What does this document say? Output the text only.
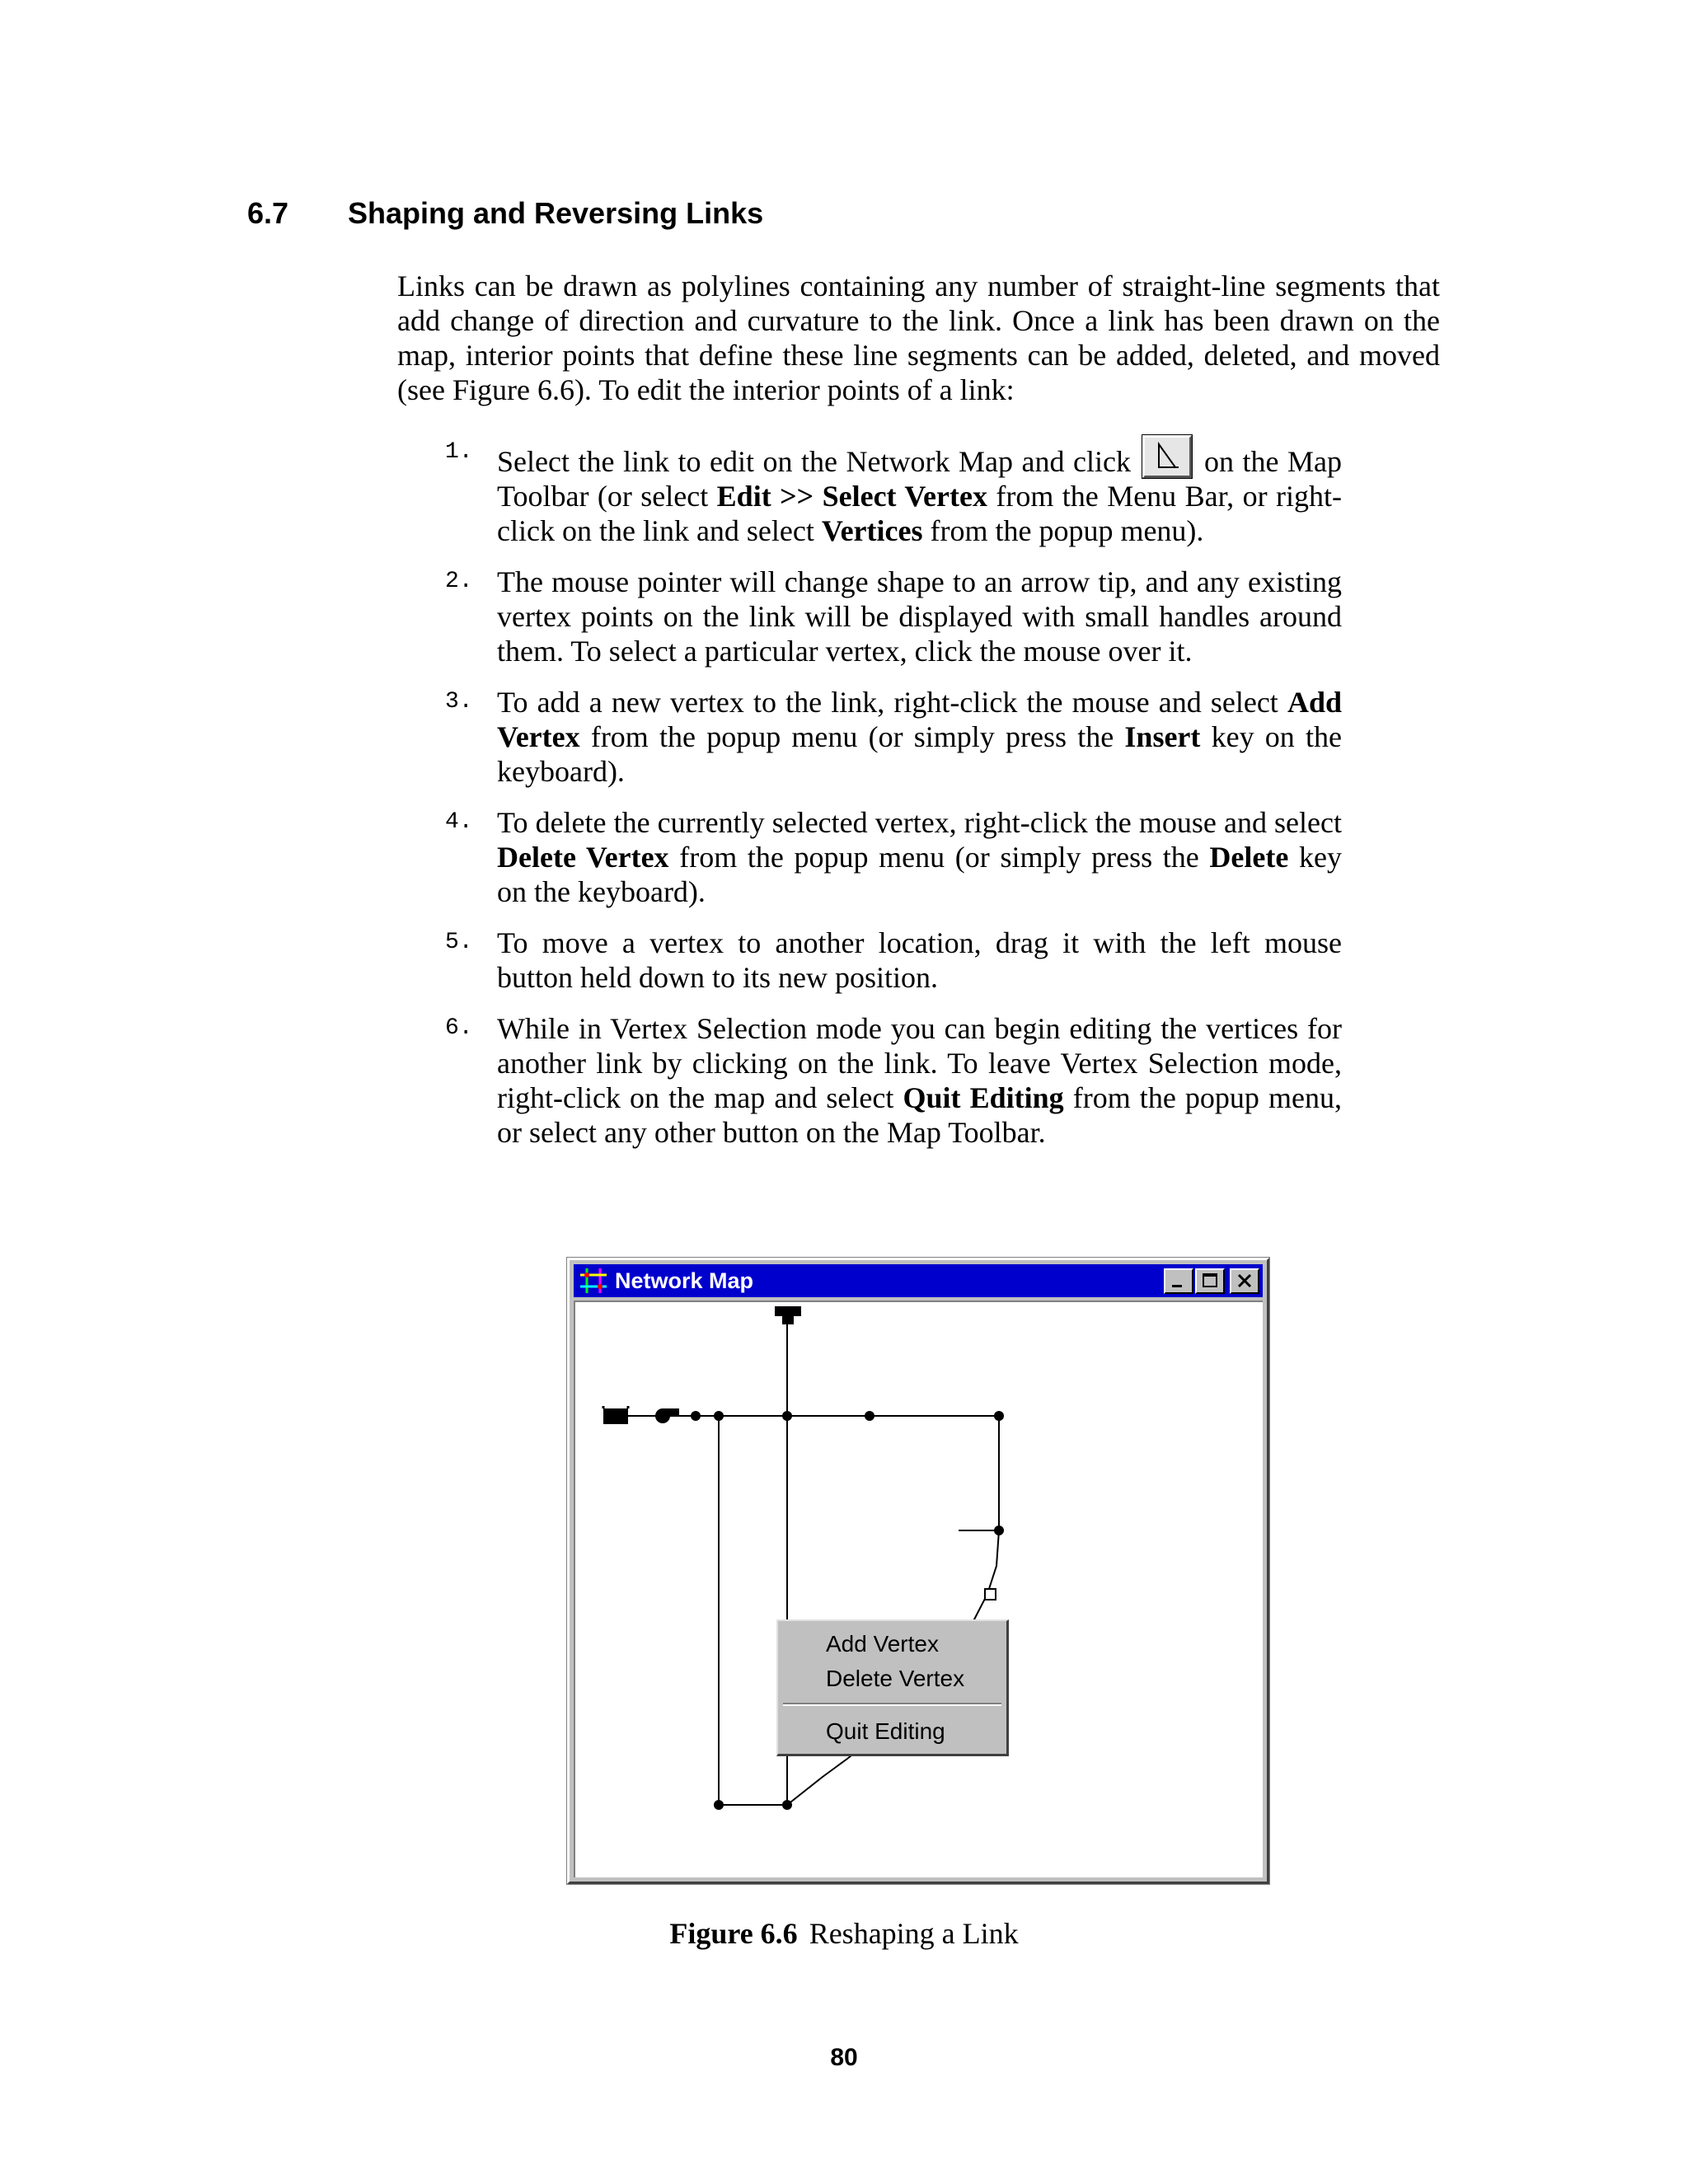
6.7 Shaping and Reversing Links

Links can be drawn as polylines containing any number of straight-line segments that add change of direction and curvature to the link. Once a link has been drawn on the map, interior points that define these line segments can be added, deleted, and moved (see Figure 6.6). To edit the interior points of a link:

1. Select the link to edit on the Network Map and click
on the Map Toolbar (or select Edit >> Select Vertex from the Menu Bar, or right-click on the link and select Vertices from the popup menu).
2. The mouse pointer will change shape to an arrow tip, and any existing vertex points on the link will be displayed with small handles around them. To select a particular vertex, click the mouse over it.
3. To add a new vertex to the link, right-click the mouse and select Add Vertex from the popup menu (or simply press the Insert key on the keyboard).
4. To delete the currently selected vertex, right-click the mouse and select Delete Vertex from the popup menu (or simply press the Delete key on the keyboard).
5. To move a vertex to another location, drag it with the left mouse button held down to its new position.
6. While in Vertex Selection mode you can begin editing the vertices for another link by clicking on the link. To leave Vertex Selection mode, right-click on the map and select Quit Editing from the popup menu, or select any other button on the Map Toolbar.
Network Map
Add Vertex
Delete Vertex
Quit Editing
Figure 6.6 Reshaping a Link
80
